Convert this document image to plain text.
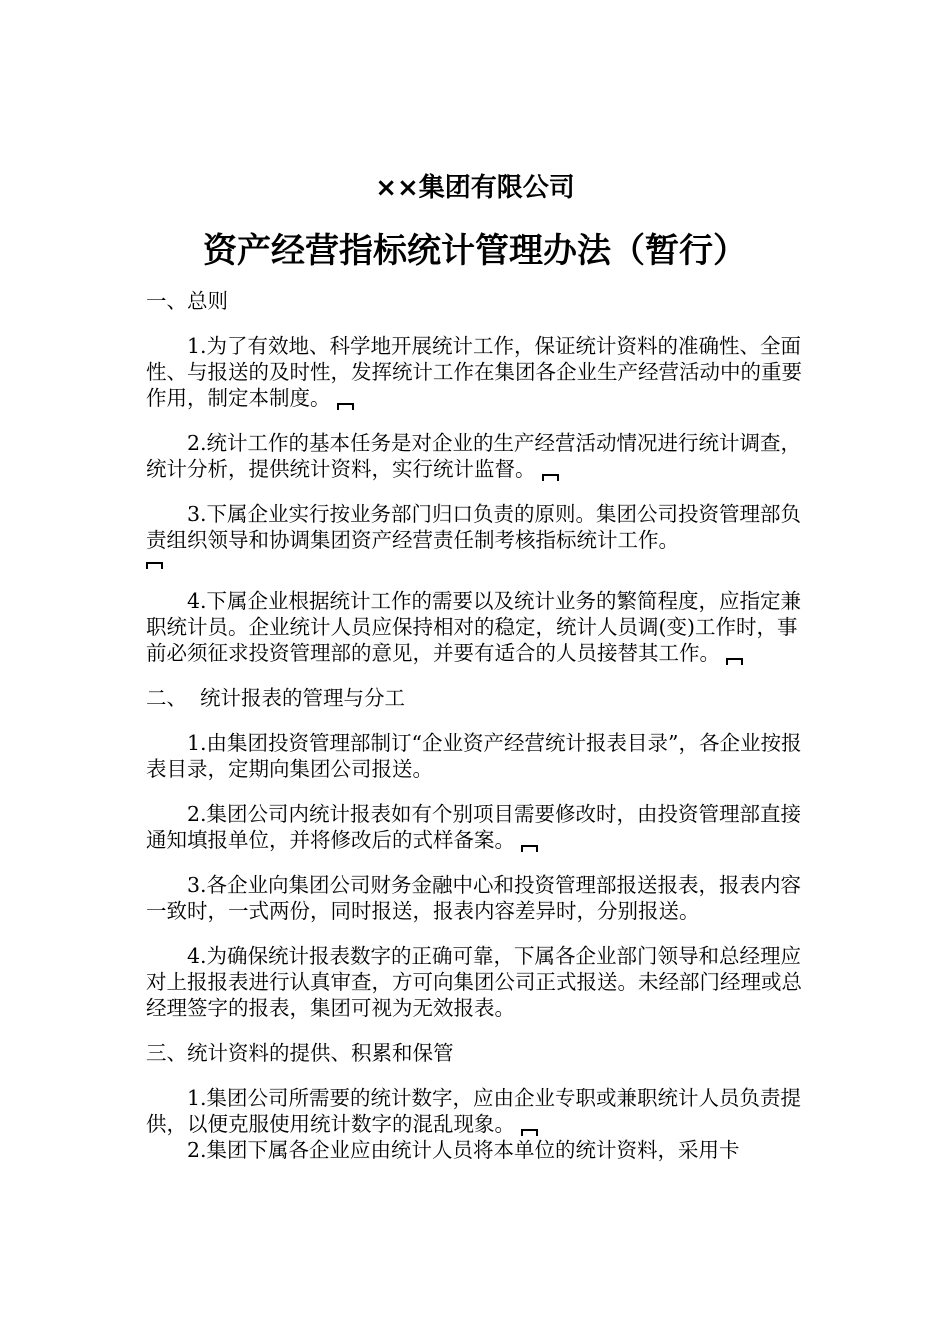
××集团有限公司
资产经营指标统计管理办法（暂行）

一、总则

1.为了有效地、科学地开展统计工作，保证统计资料的准确性、全面性、与报送的及时性，发挥统计工作在集团各企业生产经营活动中的重要作用，制定本制度。

2.统计工作的基本任务是对企业的生产经营活动情况进行统计调查，统计分析，提供统计资料，实行统计监督。

3.下属企业实行按业务部门归口负责的原则。集团公司投资管理部负责组织领导和协调集团资产经营责任制考核指标统计工作。

4.下属企业根据统计工作的需要以及统计业务的繁简程度，应指定兼职统计员。企业统计人员应保持相对的稳定，统计人员调(变)工作时，事前必须征求投资管理部的意见，并要有适合的人员接替其工作。

二、  统计报表的管理与分工

1.由集团投资管理部制订“企业资产经营统计报表目录”，各企业按报表目录，定期向集团公司报送。

2.集团公司内统计报表如有个别项目需要修改时，由投资管理部直接通知填报单位，并将修改后的式样备案。

3.各企业向集团公司财务金融中心和投资管理部报送报表，报表内容一致时，一式两份，同时报送，报表内容差异时，分别报送。

4.为确保统计报表数字的正确可靠，下属各企业部门领导和总经理应对上报报表进行认真审查，方可向集团公司正式报送。未经部门经理或总经理签字的报表，集团可视为无效报表。

三、统计资料的提供、积累和保管

1.集团公司所需要的统计数字，应由企业专职或兼职统计人员负责提供，以便克服使用统计数字的混乱现象。

2.集团下属各企业应由统计人员将本单位的统计资料，采用卡
